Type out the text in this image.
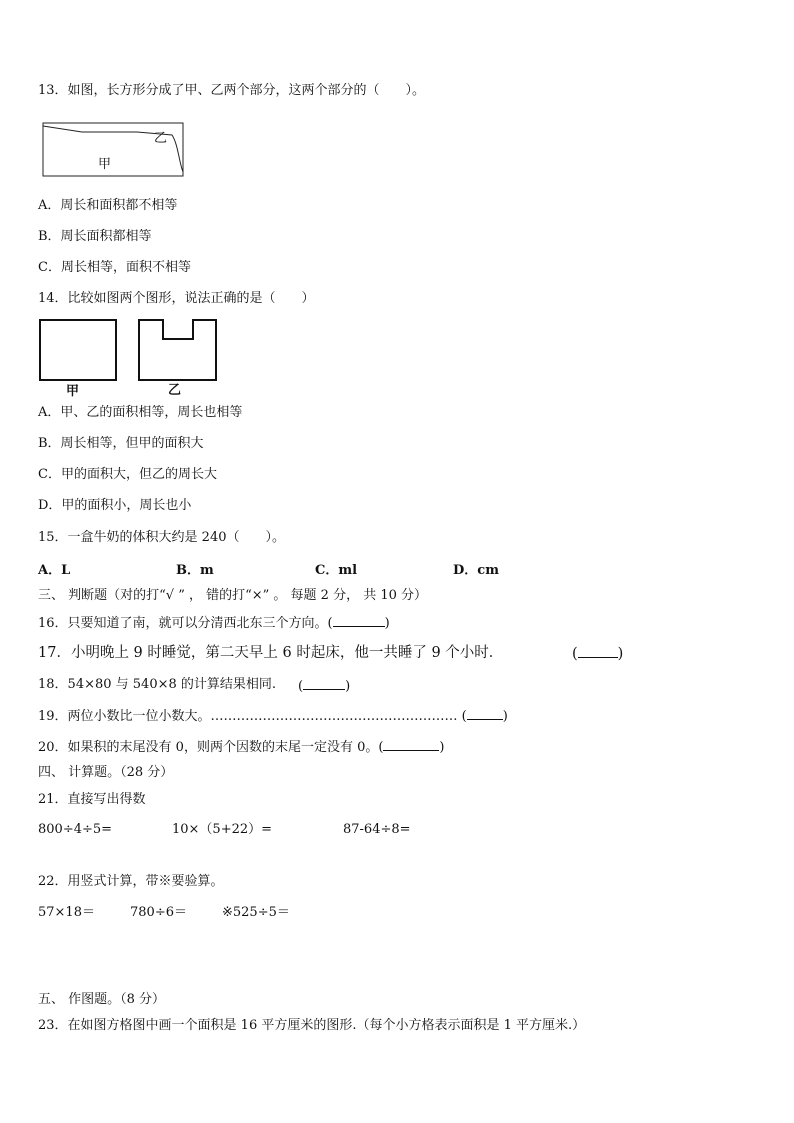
13．如图，长方形分成了甲、乙两个部分，这两个部分的（　　）。
乙
甲
A．周长和面积都不相等
B．周长面积都相等
C．周长相等，面积不相等
14．比较如图两个图形，说法正确的是（　　）
甲	乙
A．甲、乙的面积相等，周长也相等
B．周长相等，但甲的面积大
C．甲的面积大，但乙的周长大
D．甲的面积小，周长也小
15．一盒牛奶的体积大约是 240（　　）。
A．L	B．m	C．ml	D．cm
三、 判断题（对的打“√ ” ， 错的打“×” 。 每题 2 分， 共 10 分）
16．只要知道了南，就可以分清西北东三个方向。(	)
17．小明晚上 9 时睡觉，第二天早上 6 时起床，他一共睡了 9 个小时．	(	)
18．54×80 与 540×8 的计算结果相同. (	)
19．两位小数比一位小数大。………………………………………………… (	)
20．如果积的末尾没有 0，则两个因数的末尾一定没有 0。(	)
四、 计算题。（28 分）
21．直接写出得数
800÷4÷5=	10×（5+22）=	87-64÷8=
22．用竖式计算，带※要验算。
57×18＝	780÷6＝	※525÷5＝
五、 作图题。（8 分）
23．在如图方格图中画一个面积是 16 平方厘米的图形.（每个小方格表示面积是 1 平方厘米.）
